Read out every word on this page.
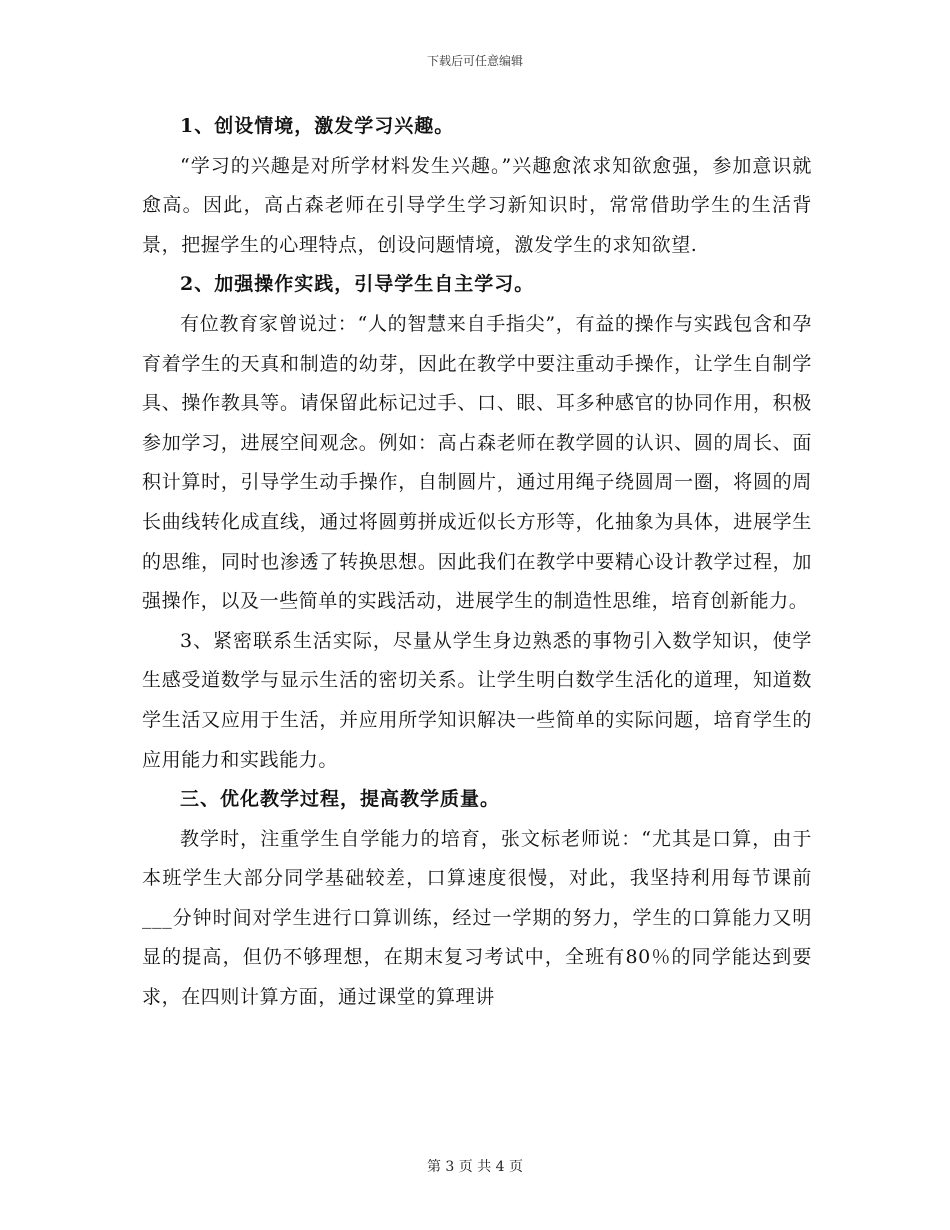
下载后可任意编辑

1、创设情境，激发学习兴趣。

“学习的兴趣是对所学材料发生兴趣。”兴趣愈浓求知欲愈强，参加意识就愈高。因此，高占森老师在引导学生学习新知识时，常常借助学生的生活背景，把握学生的心理特点，创设问题情境，激发学生的求知欲望.

2、加强操作实践，引导学生自主学习。

有位教育家曾说过：“人的智慧来自手指尖”，有益的操作与实践包含和孕育着学生的天真和制造的幼芽，因此在教学中要注重动手操作，让学生自制学具、操作教具等。请保留此标记过手、口、眼、耳多种感官的协同作用，积极参加学习，进展空间观念。例如：高占森老师在教学圆的认识、圆的周长、面积计算时，引导学生动手操作，自制圆片，通过用绳子绕圆周一圈，将圆的周长曲线转化成直线，通过将圆剪拼成近似长方形等，化抽象为具体，进展学生的思维，同时也渗透了转换思想。因此我们在教学中要精心设计教学过程，加强操作，以及一些简单的实践活动，进展学生的制造性思维，培育创新能力。

3、紧密联系生活实际，尽量从学生身边熟悉的事物引入数学知识，使学生感受道数学与显示生活的密切关系。让学生明白数学生活化的道理，知道数学生活又应用于生活，并应用所学知识解决一些简单的实际问题，培育学生的应用能力和实践能力。

三、优化教学过程，提高教学质量。

教学时，注重学生自学能力的培育，张文标老师说：“尤其是口算，由于本班学生大部分同学基础较差，口算速度很慢，对此，我坚持利用每节课前___分钟时间对学生进行口算训练，经过一学期的努力，学生的口算能力又明显的提高，但仍不够理想，在期末复习考试中，全班有80％的同学能达到要求，在四则计算方面，通过课堂的算理讲

第 3 页 共 4 页
